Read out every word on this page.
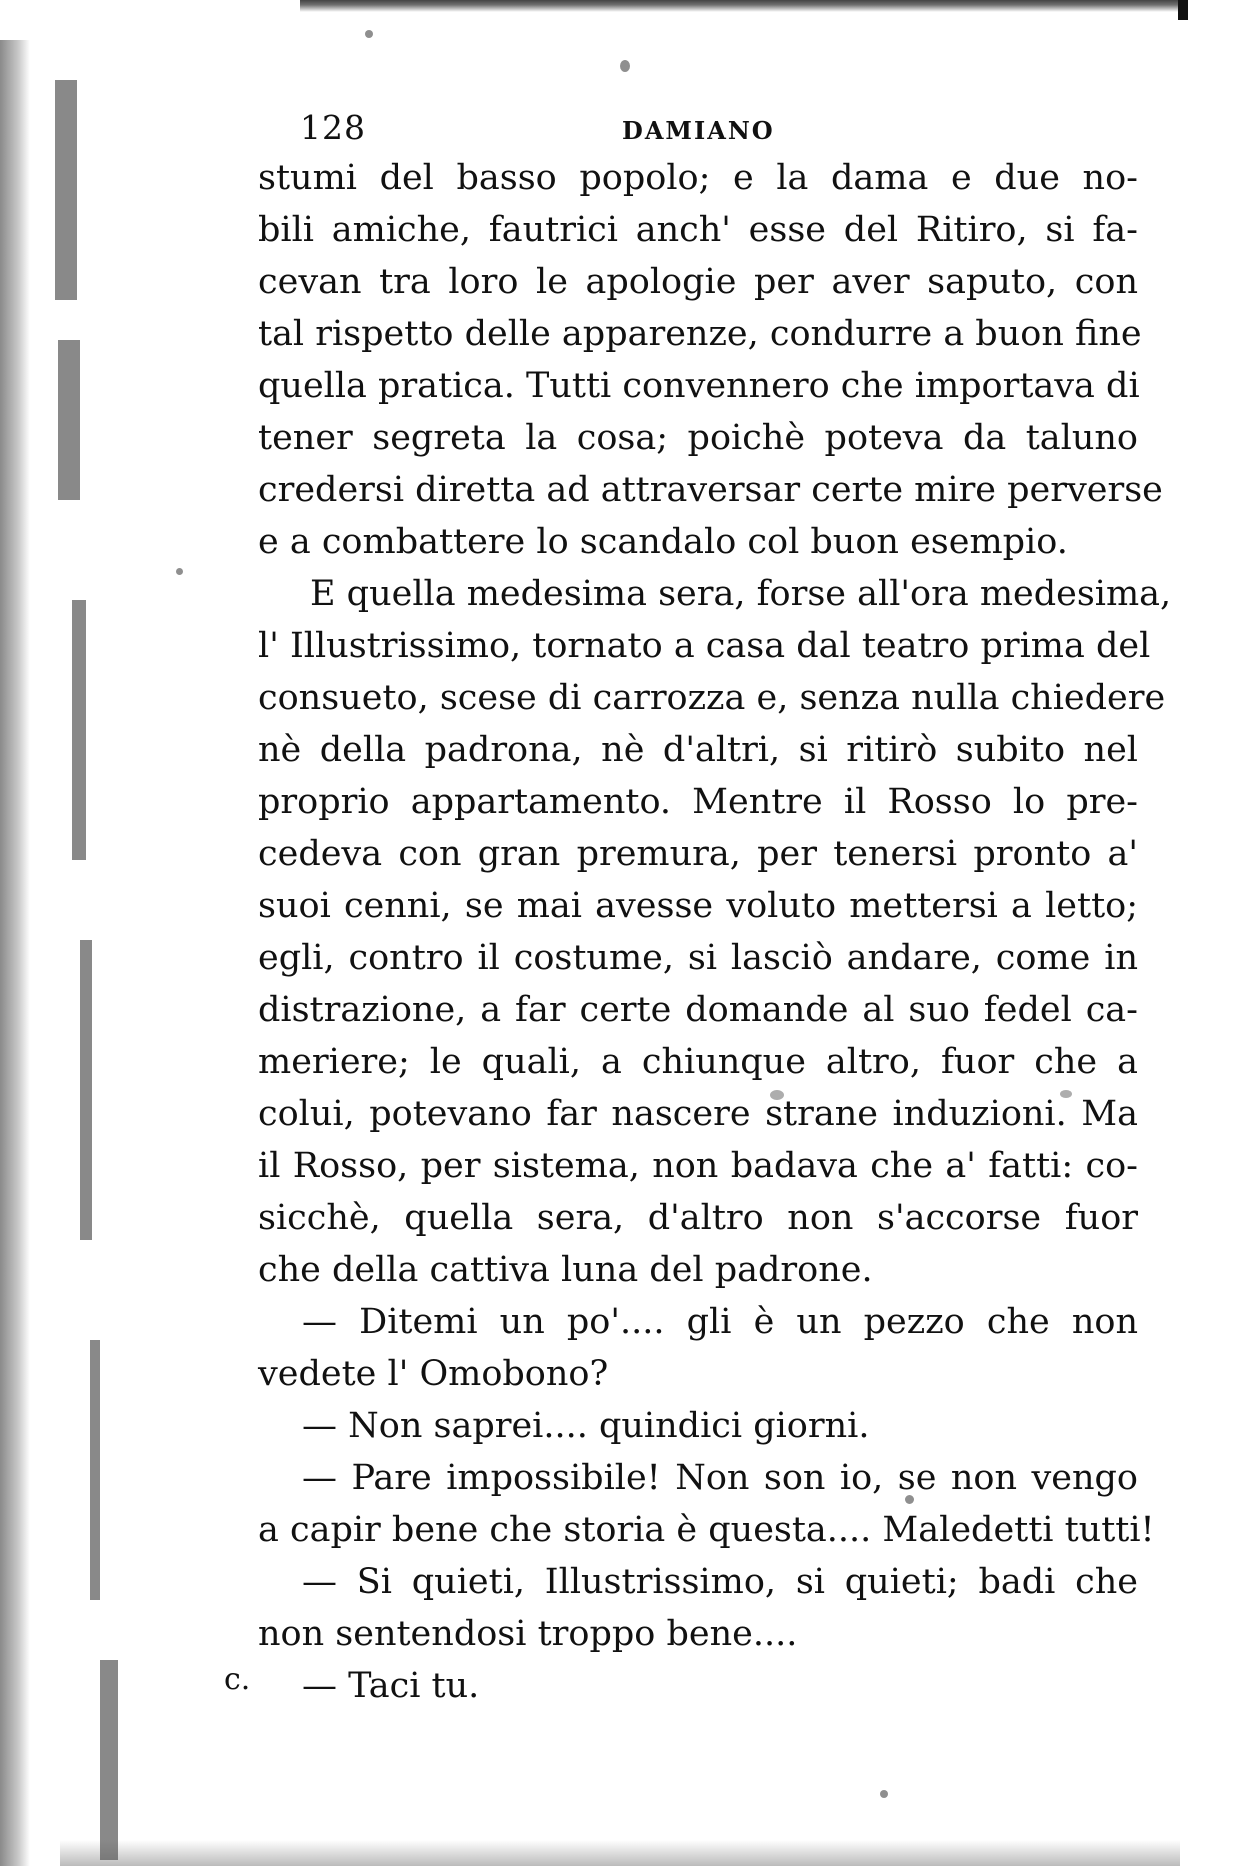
128	DAMIANO
stumi del basso popolo; e la dama e due no-
bili amiche, fautrici anch' esse del Ritiro, si fa-
cevan tra loro le apologie per aver saputo, con
tal rispetto delle apparenze, condurre a buon fine
quella pratica. Tutti convennero che importava di
tener segreta la cosa; poichè poteva da taluno
credersi diretta ad attraversar certe mire perverse
e a combattere lo scandalo col buon esempio.
E quella medesima sera, forse all'ora medesima,
l' Illustrissimo, tornato a casa dal teatro prima del
consueto, scese di carrozza e, senza nulla chiedere
nè della padrona, nè d'altri, si ritirò subito nel
proprio appartamento. Mentre il Rosso lo pre-
cedeva con gran premura, per tenersi pronto a'
suoi cenni, se mai avesse voluto mettersi a letto;
egli, contro il costume, si lasciò andare, come in
distrazione, a far certe domande al suo fedel ca-
meriere; le quali, a chiunque altro, fuor che a
colui, potevano far nascere strane induzioni. Ma
il Rosso, per sistema, non badava che a' fatti: co-
sicchè, quella sera, d'altro non s'accorse fuor
che della cattiva luna del padrone.
— Ditemi un po'.... gli è un pezzo che non
vedete l' Omobono?
— Non saprei.... quindici giorni.
— Pare impossibile! Non son io, se non vengo
a capir bene che storia è questa.... Maledetti tutti!
— Si quieti, Illustrissimo, si quieti; badi che
non sentendosi troppo bene....
— Taci tu.
c.
